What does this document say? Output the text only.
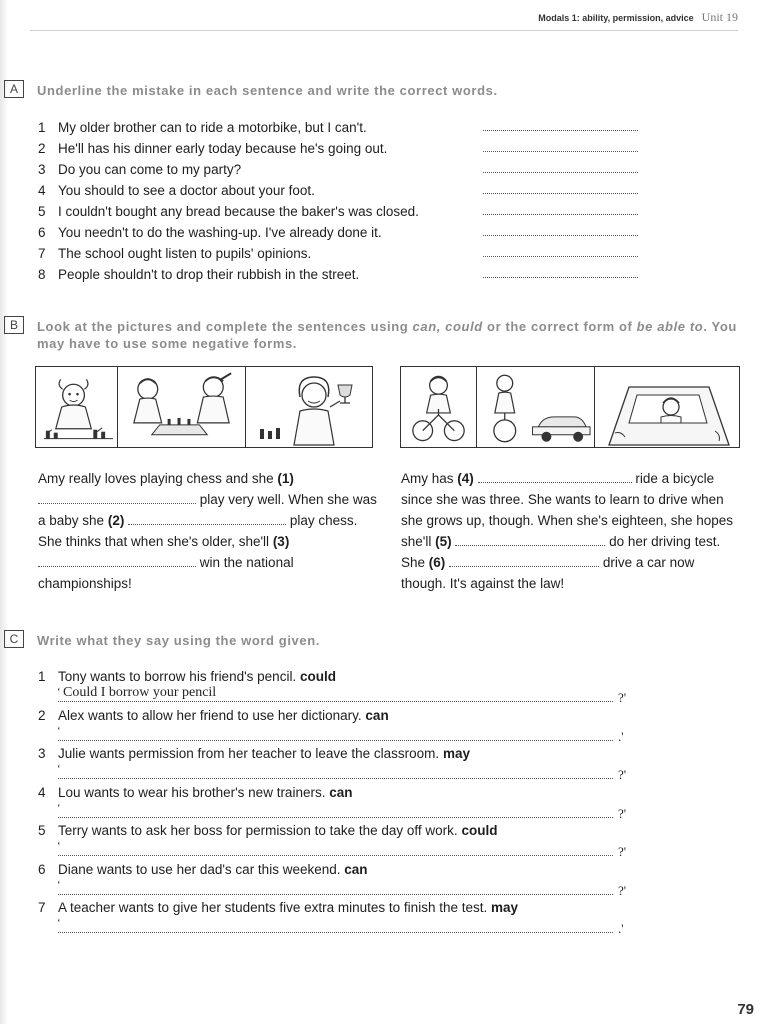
Modals 1: ability, permission, advice Unit 19
A	Underline the mistake in each sentence and write the correct words.
1 My older brother can to ride a motorbike, but I can't.
2 He'll has his dinner early today because he's going out.
3 Do you can come to my party?
4 You should to see a doctor about your foot.
5 I couldn't bought any bread because the baker's was closed.
6 You needn't to do the washing-up. I've already done it.
7 The school ought listen to pupils' opinions.
8 People shouldn't to drop their rubbish in the street.
B	Look at the pictures and complete the sentences using can, could or the correct form of be able to. You may have to use some negative forms.

Amy really loves playing chess and she (1)  play very well. When she was a baby she (2)	play chess. She thinks that when she's older, she'll (3)  win the national championships!

Amy has (4)	ride a bicycle since she was three. She wants to learn to drive when she grows up, though. When she's eighteen, she hopes she'll (5)	do her driving test. She (6)	drive a car now though. It's against the law!

C	Write what they say using the word given.
1 Tony wants to borrow his friend's pencil. could
‘ Could I borrow your pencil	?'
2 Alex wants to allow her friend to use her dictionary. can
‘	.'
3 Julie wants permission from her teacher to leave the classroom. may
‘	?'
4 Lou wants to wear his brother's new trainers. can
‘	?'
5 Terry wants to ask her boss for permission to take the day off work. could
‘	?'
6 Diane wants to use her dad's car this weekend. can
‘	?'
7 A teacher wants to give her students five extra minutes to finish the test. may
‘	.'
79
